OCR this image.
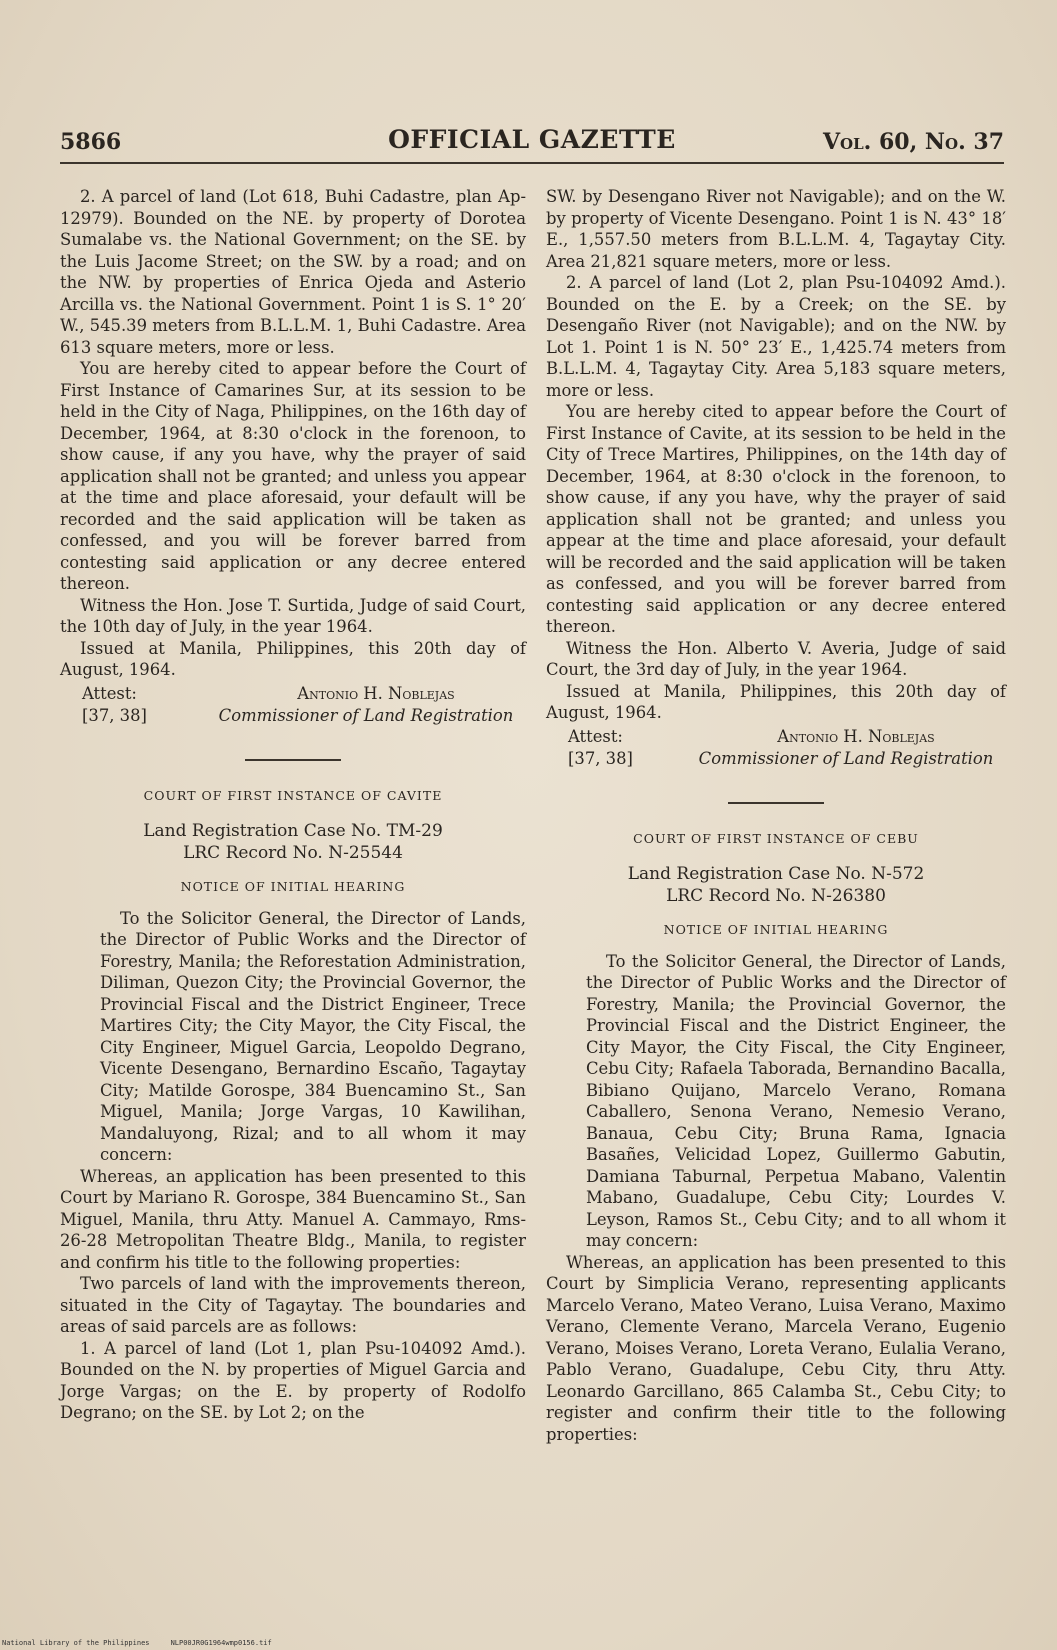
5866	OFFICIAL GAZETTE	Vol. 60, No. 37

2. A parcel of land (Lot 618, Buhi Cadastre, plan Ap-12979). Bounded on the NE. by property of Dorotea Sumalabe vs. the National Government; on the SE. by the Luis Jacome Street; on the SW. by a road; and on the NW. by properties of Enrica Ojeda and Asterio Arcilla vs. the National Government. Point 1 is S. 1° 20′ W., 545.39 meters from B.L.L.M. 1, Buhi Cadastre. Area 613 square meters, more or less.

You are hereby cited to appear before the Court of First Instance of Camarines Sur, at its session to be held in the City of Naga, Philippines, on the 16th day of December, 1964, at 8:30 o'clock in the forenoon, to show cause, if any you have, why the prayer of said application shall not be granted; and unless you appear at the time and place aforesaid, your default will be recorded and the said application will be taken as confessed, and you will be forever barred from contesting said application or any decree entered thereon.

Witness the Hon. Jose T. Surtida, Judge of said Court, the 10th day of July, in the year 1964.

Issued at Manila, Philippines, this 20th day of August, 1964.

Attest:	Antonio H. Noblejas
[37, 38]	Commissioner of Land Registration
COURT OF FIRST INSTANCE OF CAVITE
Land Registration Case No. TM-29
LRC Record No. N-25544
NOTICE OF INITIAL HEARING

To the Solicitor General, the Director of Lands, the Director of Public Works and the Director of Forestry, Manila; the Reforestation Administration, Diliman, Quezon City; the Provincial Governor, the Provincial Fiscal and the District Engineer, Trece Martires City; the City Mayor, the City Fiscal, the City Engineer, Miguel Garcia, Leopoldo Degrano, Vicente Desengano, Bernardino Escaño, Tagaytay City; Matilde Gorospe, 384 Buencamino St., San Miguel, Manila; Jorge Vargas, 10 Kawilihan, Mandaluyong, Rizal; and to all whom it may concern:

Whereas, an application has been presented to this Court by Mariano R. Gorospe, 384 Buencamino St., San Miguel, Manila, thru Atty. Manuel A. Cammayo, Rms-26-28 Metropolitan Theatre Bldg., Manila, to register and confirm his title to the following properties:

Two parcels of land with the improvements thereon, situated in the City of Tagaytay. The boundaries and areas of said parcels are as follows:

1. A parcel of land (Lot 1, plan Psu-104092 Amd.). Bounded on the N. by properties of Miguel Garcia and Jorge Vargas; on the E. by property of Rodolfo Degrano; on the SE. by Lot 2; on the

SW. by Desengano River not Navigable); and on the W. by property of Vicente Desengano. Point 1 is N. 43° 18′ E., 1,557.50 meters from B.L.L.M. 4, Tagaytay City. Area 21,821 square meters, more or less.

2. A parcel of land (Lot 2, plan Psu-104092 Amd.). Bounded on the E. by a Creek; on the SE. by Desengaño River (not Navigable); and on the NW. by Lot 1. Point 1 is N. 50° 23′ E., 1,425.74 meters from B.L.L.M. 4, Tagaytay City. Area 5,183 square meters, more or less.

You are hereby cited to appear before the Court of First Instance of Cavite, at its session to be held in the City of Trece Martires, Philippines, on the 14th day of December, 1964, at 8:30 o'clock in the forenoon, to show cause, if any you have, why the prayer of said application shall not be granted; and unless you appear at the time and place aforesaid, your default will be recorded and the said application will be taken as confessed, and you will be forever barred from contesting said application or any decree entered thereon.

Witness the Hon. Alberto V. Averia, Judge of said Court, the 3rd day of July, in the year 1964.

Issued at Manila, Philippines, this 20th day of August, 1964.

Attest:	Antonio H. Noblejas
[37, 38]	Commissioner of Land Registration
COURT OF FIRST INSTANCE OF CEBU
Land Registration Case No. N-572
LRC Record No. N-26380
NOTICE OF INITIAL HEARING

To the Solicitor General, the Director of Lands, the Director of Public Works and the Director of Forestry, Manila; the Provincial Governor, the Provincial Fiscal and the District Engineer, the City Mayor, the City Fiscal, the City Engineer, Cebu City; Rafaela Taborada, Bernandino Bacalla, Bibiano Quijano, Marcelo Verano, Romana Caballero, Senona Verano, Nemesio Verano, Banaua, Cebu City; Bruna Rama, Ignacia Basañes, Velicidad Lopez, Guillermo Gabutin, Damiana Taburnal, Perpetua Mabano, Valentin Mabano, Guadalupe, Cebu City; Lourdes V. Leyson, Ramos St., Cebu City; and to all whom it may concern:

Whereas, an application has been presented to this Court by Simplicia Verano, representing applicants Marcelo Verano, Mateo Verano, Luisa Verano, Maximo Verano, Clemente Verano, Marcela Verano, Eugenio Verano, Moises Verano, Loreta Verano, Eulalia Verano, Pablo Verano, Guadalupe, Cebu City, thru Atty. Leonardo Garcillano, 865 Calamba St., Cebu City; to register and confirm their title to the following properties:

National Library of the Philippines     NLP00JR0G1964wmp0156.tif
